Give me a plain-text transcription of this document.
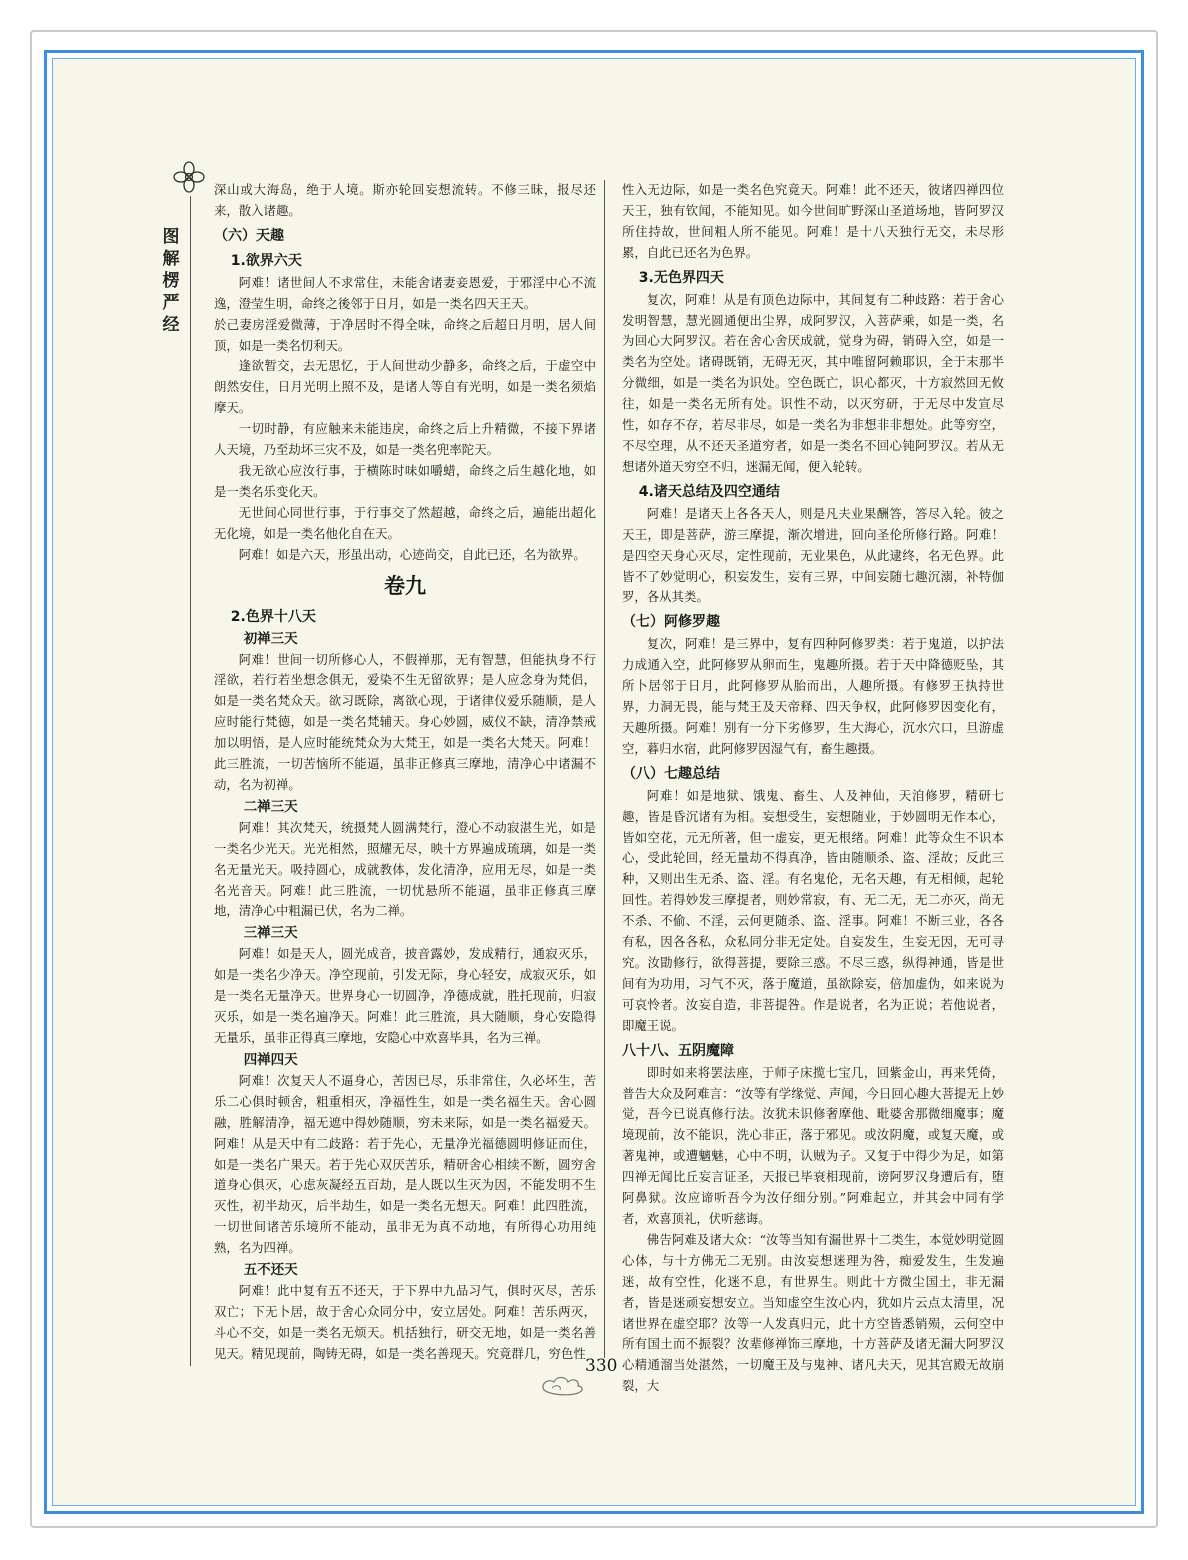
图解楞严经

深山或大海岛，绝于人境。斯亦轮回妄想流转。不修三昧，报尽还来，散入诸趣。

（六）天趣
1.欲界六天

阿难！诸世间人不求常住，未能舍诸妻妾恩爱，于邪淫中心不流逸，澄莹生明，命终之後邻于日月，如是一类名四天王天。

於己妻房淫爱微薄，于净居时不得全味，命终之后超日月明，居人间顶，如是一类名忉利天。

逢欲暂交，去无思忆，于人间世动少静多，命终之后，于虚空中朗然安住，日月光明上照不及，是诸人等自有光明，如是一类名须焰摩天。

一切时静，有应触来未能违戾，命终之后上升精微，不接下界诸人天境，乃至劫坏三灾不及，如是一类名兜率陀天。

我无欲心应汝行事，于横陈时味如嚼蜡，命终之后生越化地，如是一类名乐变化天。

无世间心同世行事，于行事交了然超越，命终之后，遍能出超化无化境，如是一类名他化自在天。

阿难！如是六天，形虽出动，心迹尚交，自此已还，名为欲界。

卷九
2.色界十八天
初禅三天

阿难！世间一切所修心人，不假禅那，无有智慧，但能执身不行淫欲，若行若坐想念俱无，爱染不生无留欲界；是人应念身为梵侣，如是一类名梵众天。欲习既除，离欲心现，于诸律仪爱乐随顺，是人应时能行梵德，如是一类名梵辅天。身心妙圆，威仪不缺，清净禁戒加以明悟，是人应时能统梵众为大梵王，如是一类名大梵天。阿难！此三胜流，一切苦恼所不能逼，虽非正修真三摩地，清净心中诸漏不动，名为初禅。

二禅三天

阿难！其次梵天，统摄梵人圆满梵行，澄心不动寂湛生光，如是一类名少光天。光光相然，照耀无尽，映十方界遍成琉璃，如是一类名无量光天。吸持圆心，成就教体，发化清净，应用无尽，如是一类名光音天。阿难！此三胜流，一切忧悬所不能逼，虽非正修真三摩地，清净心中粗漏已伏，名为二禅。

三禅三天

阿难！如是天人，圆光成音，披音露妙，发成精行，通寂灭乐，如是一类名少净天。净空现前，引发无际，身心轻安，成寂灭乐，如是一类名无量净天。世界身心一切圆净，净德成就，胜托现前，归寂灭乐，如是一类名遍净天。阿难！此三胜流，具大随顺，身心安隐得无量乐，虽非正得真三摩地，安隐心中欢喜毕具，名为三禅。

四禅四天

阿难！次复天人不逼身心，苦因已尽，乐非常住，久必坏生，苦乐二心俱时顿舍，粗重相灭，净福性生，如是一类名福生天。舍心圆融，胜解清净，福无遮中得妙随顺，穷未来际，如是一类名福爱天。阿难！从是天中有二歧路：若于先心，无量净光福德圆明修证而住，如是一类名广果天。若于先心双厌苦乐，精研舍心相续不断，圆穷舍道身心俱灭，心虑灰凝经五百劫，是人既以生灭为因，不能发明不生灭性，初半劫灭，后半劫生，如是一类名无想天。阿难！此四胜流，一切世间诸苦乐境所不能动，虽非无为真不动地，有所得心功用纯熟，名为四禅。

五不还天

阿难！此中复有五不还天，于下界中九品习气，俱时灭尽，苦乐双亡；下无卜居，故于舍心众同分中，安立居处。阿难！苦乐两灭，斗心不交，如是一类名无烦天。机括独行，研交无地，如是一类名善见天。精见现前，陶铸无碍，如是一类名善现天。究竟群几，穷色性

性入无边际，如是一类名色究竟天。阿难！此不还天，彼诸四禅四位天王，独有钦闻，不能知见。如今世间旷野深山圣道场地，皆阿罗汉所住持故，世间粗人所不能见。阿难！是十八天独行无交，未尽形累，自此已还名为色界。

3.无色界四天

复次，阿难！从是有顶色边际中，其间复有二种歧路：若于舍心发明智慧，慧光圆通便出尘界，成阿罗汉，入菩萨乘，如是一类，名为回心大阿罗汉。若在舍心舍厌成就，觉身为碍，销碍入空，如是一类名为空处。诸碍既销，无碍无灭，其中唯留阿赖耶识，全于末那半分微细，如是一类名为识处。空色既亡，识心都灭，十方寂然回无攸往，如是一类名无所有处。识性不动，以灭穷研，于无尽中发宣尽性，如存不存，若尽非尽，如是一类名为非想非非想处。此等穷空，不尽空理，从不还天圣道穷者，如是一类名不回心钝阿罗汉。若从无想诸外道天穷空不归，迷漏无闻，便入轮转。

4.诸天总结及四空通结

阿难！是诸天上各各天人，则是凡夫业果酬答，答尽入轮。彼之天王，即是菩萨，游三摩提，渐次增进，回向圣伦所修行路。阿难！是四空天身心灭尽，定性现前，无业果色，从此逮终，名无色界。此皆不了妙觉明心，积妄发生，妄有三界，中间妄随七趣沉溺，补特伽罗，各从其类。

（七）阿修罗趣

复次，阿难！是三界中，复有四种阿修罗类：若于鬼道，以护法力成通入空，此阿修罗从卵而生，鬼趣所摄。若于天中降德贬坠，其所卜居邻于日月，此阿修罗从胎而出，人趣所摄。有修罗王执持世界，力洞无畏，能与梵王及天帝释、四天争权，此阿修罗因变化有，天趣所摄。阿难！别有一分下劣修罗，生大海心，沉水穴口，旦游虚空，暮归水宿，此阿修罗因湿气有，畜生趣摄。

（八）七趣总结

阿难！如是地狱、饿鬼、畜生、人及神仙，天洎修罗，精研七趣，皆是昏沉诸有为相。妄想受生，妄想随业，于妙圆明无作本心，皆如空花，元无所著，但一虚妄，更无根绪。阿难！此等众生不识本心，受此轮回，经无量劫不得真净，皆由随顺杀、盗、淫故；反此三种，又则出生无杀、盗、淫。有名鬼伦，无名天趣，有无相倾，起轮回性。若得妙发三摩提者，则妙常寂，有、无二无，无二亦灭，尚无不杀、不偷、不淫，云何更随杀、盗、淫事。阿难！不断三业，各各有私，因各各私，众私同分非无定处。自妄发生，生妄无因，无可寻究。汝勖修行，欲得菩提，要除三惑。不尽三惑，纵得神通，皆是世间有为功用，习气不灭，落于魔道，虽欲除妄，倍加虚伪，如来说为可哀怜者。汝妄自造，非菩提咎。作是说者，名为正说；若他说者，即魔王说。

八十八、五阴魔障

即时如来将罢法座，于师子床揽七宝几，回紫金山，再来凭倚，普告大众及阿难言：“汝等有学缘觉、声闻，今日回心趣大菩提无上妙觉，吾今已说真修行法。汝犹未识修奢摩他、毗婆舍那微细魔事；魔境现前，汝不能识，洗心非正，落于邪见。或汝阴魔，或复天魔，或著鬼神，或遭魑魅，心中不明，认贼为子。又复于中得少为足，如第四禅无闻比丘妄言证圣，天报已毕衰相现前，谤阿罗汉身遭后有，堕阿鼻狱。汝应谛听吾今为汝仔细分别。”阿难起立，并其会中同有学者，欢喜顶礼，伏听慈诲。

佛告阿难及诸大众：“汝等当知有漏世界十二类生，本觉妙明觉圆心体，与十方佛无二无别。由汝妄想迷理为咎，痴爱发生，生发遍迷，故有空性，化迷不息，有世界生。则此十方微尘国土，非无漏者，皆是迷顽妄想安立。当知虚空生汝心内，犹如片云点太清里，况诸世界在虚空耶？汝等一人发真归元，此十方空皆悉销殒，云何空中所有国土而不振裂？汝辈修禅饰三摩地，十方菩萨及诸无漏大阿罗汉心精通溜当处湛然，一切魔王及与鬼神、诸凡夫天，见其宫殿无故崩裂，大

330
